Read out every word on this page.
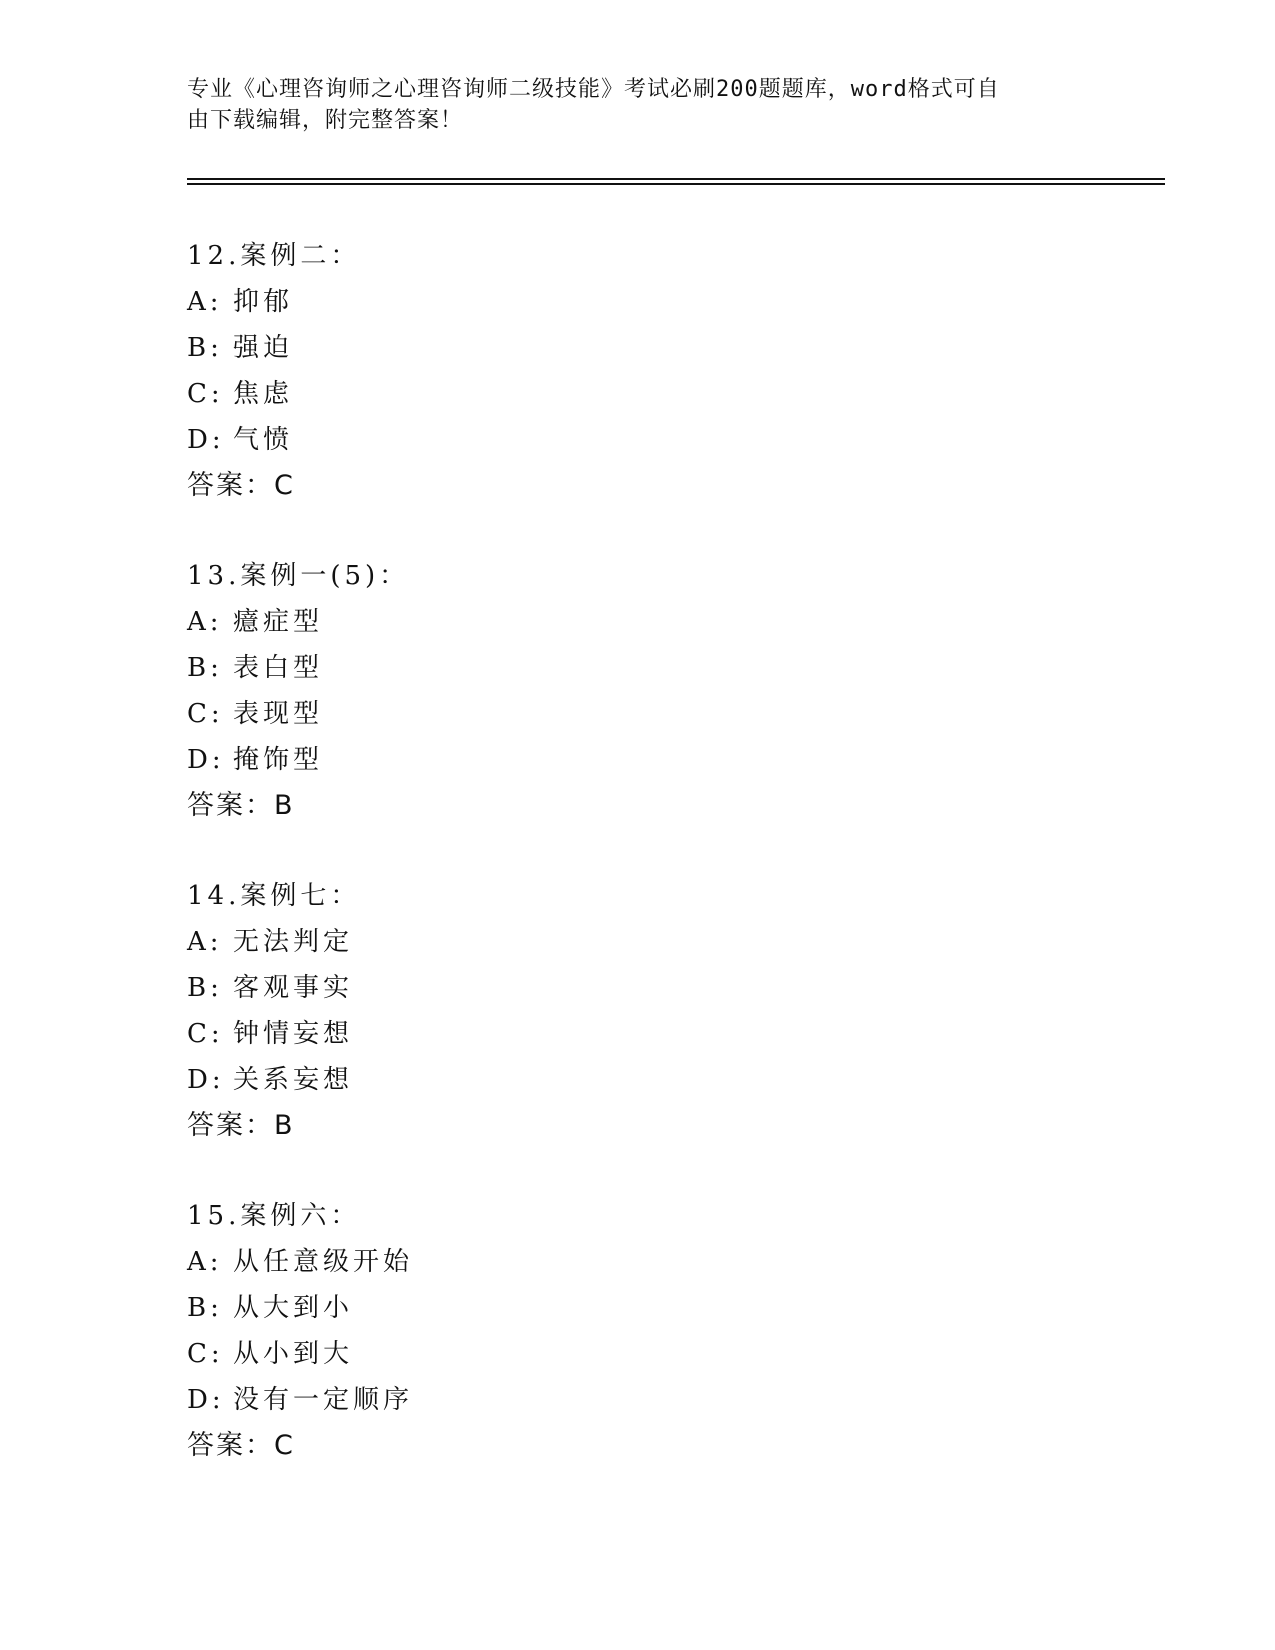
专业《心理咨询师之心理咨询师二级技能》考试必刷200题题库，word格式可自
由下载编辑，附完整答案！
12.案例二：
A: 抑郁
B: 强迫
C: 焦虑
D: 气愤
答案：C
13.案例一(5)：
A: 癔症型
B: 表白型
C: 表现型
D: 掩饰型
答案：B
14.案例七：
A: 无法判定
B: 客观事实
C: 钟情妄想
D: 关系妄想
答案：B
15.案例六：
A: 从任意级开始
B: 从大到小
C: 从小到大
D: 没有一定顺序
答案：C
